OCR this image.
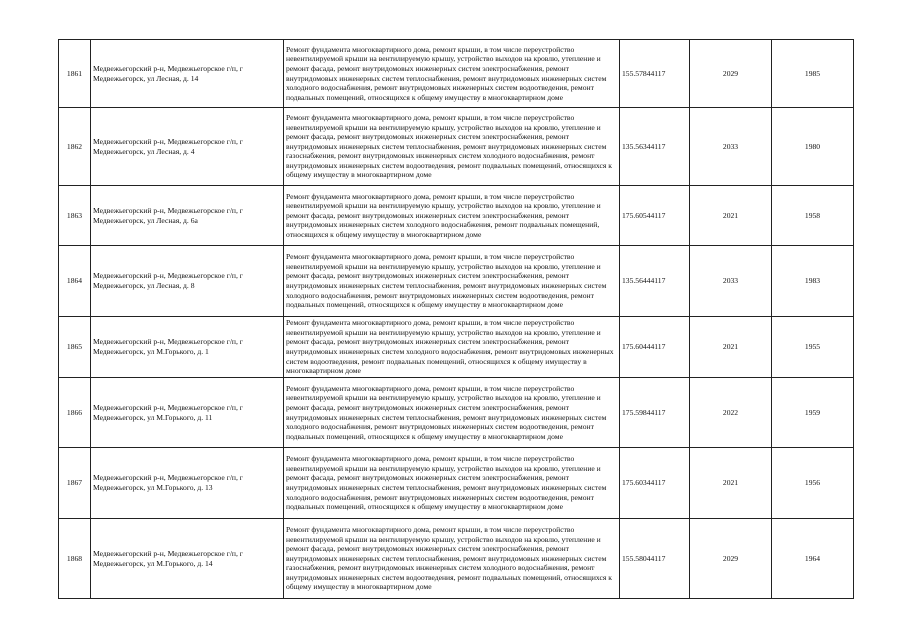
1861	Медвежьегорский р-н, Медвежьегорское г/п, г Медвежьегорск, ул Лесная, д. 14	Ремонт фундамента многоквартирного дома, ремонт крыши, в том числе переустройство невентилируемой крыши на вентилируемую крышу, устройство выходов на кровлю, утепление и ремонт фасада, ремонт внутридомовых инженерных систем электроснабжения, ремонт внутридомовых инженерных систем теплоснабжения, ремонт внутридомовых инженерных систем холодного водоснабжения, ремонт внутридомовых инженерных систем водоотведения, ремонт подвальных помещений, относящихся к общему имуществу в многоквартирном доме	155.57844117	2029	1985
1862	Медвежьегорский р-н, Медвежьегорское г/п, г Медвежьегорск, ул Лесная, д. 4	Ремонт фундамента многоквартирного дома, ремонт крыши, в том числе переустройство невентилируемой крыши на вентилируемую крышу, устройство выходов на кровлю, утепление и ремонт фасада, ремонт внутридомовых инженерных систем электроснабжения, ремонт внутридомовых инженерных систем теплоснабжения, ремонт внутридомовых инженерных систем газоснабжения, ремонт внутридомовых инженерных систем холодного водоснабжения, ремонт внутридомовых инженерных систем водоотведения, ремонт подвальных помещений, относящихся к общему имуществу в многоквартирном доме	135.56344117	2033	1980
1863	Медвежьегорский р-н, Медвежьегорское г/п, г Медвежьегорск, ул Лесная, д. 6а	Ремонт фундамента многоквартирного дома, ремонт крыши, в том числе переустройство невентилируемой крыши на вентилируемую крышу, устройство выходов на кровлю, утепление и ремонт фасада, ремонт внутридомовых инженерных систем электроснабжения, ремонт внутридомовых инженерных систем холодного водоснабжения, ремонт подвальных помещений, относящихся к общему имуществу в многоквартирном доме	175.60544117	2021	1958
1864	Медвежьегорский р-н, Медвежьегорское г/п, г Медвежьегорск, ул Лесная, д. 8	Ремонт фундамента многоквартирного дома, ремонт крыши, в том числе переустройство невентилируемой крыши на вентилируемую крышу, устройство выходов на кровлю, утепление и ремонт фасада, ремонт внутридомовых инженерных систем электроснабжения, ремонт внутридомовых инженерных систем теплоснабжения, ремонт внутридомовых инженерных систем холодного водоснабжения, ремонт внутридомовых инженерных систем водоотведения, ремонт подвальных помещений, относящихся к общему имуществу в многоквартирном доме	135.56444117	2033	1983
1865	Медвежьегорский р-н, Медвежьегорское г/п, г Медвежьегорск, ул М.Горького, д. 1	Ремонт фундамента многоквартирного дома, ремонт крыши, в том числе переустройство невентилируемой крыши на вентилируемую крышу, устройство выходов на кровлю, утепление и ремонт фасада, ремонт внутридомовых инженерных систем электроснабжения, ремонт внутридомовых инженерных систем холодного водоснабжения, ремонт внутридомовых инженерных систем водоотведения, ремонт подвальных помещений, относящихся к общему имуществу в многоквартирном доме	175.60444117	2021	1955
1866	Медвежьегорский р-н, Медвежьегорское г/п, г Медвежьегорск, ул М.Горького, д. 11	Ремонт фундамента многоквартирного дома, ремонт крыши, в том числе переустройство невентилируемой крыши на вентилируемую крышу, устройство выходов на кровлю, утепление и ремонт фасада, ремонт внутридомовых инженерных систем электроснабжения, ремонт внутридомовых инженерных систем теплоснабжения, ремонт внутридомовых инженерных систем холодного водоснабжения, ремонт внутридомовых инженерных систем водоотведения, ремонт подвальных помещений, относящихся к общему имуществу в многоквартирном доме	175.59844117	2022	1959
1867	Медвежьегорский р-н, Медвежьегорское г/п, г Медвежьегорск, ул М.Горького, д. 13	Ремонт фундамента многоквартирного дома, ремонт крыши, в том числе переустройство невентилируемой крыши на вентилируемую крышу, устройство выходов на кровлю, утепление и ремонт фасада, ремонт внутридомовых инженерных систем электроснабжения, ремонт внутридомовых инженерных систем теплоснабжения, ремонт внутридомовых инженерных систем холодного водоснабжения, ремонт внутридомовых инженерных систем водоотведения, ремонт подвальных помещений, относящихся к общему имуществу в многоквартирном доме	175.60344117	2021	1956
1868	Медвежьегорский р-н, Медвежьегорское г/п, г Медвежьегорск, ул М.Горького, д. 14	Ремонт фундамента многоквартирного дома, ремонт крыши, в том числе переустройство невентилируемой крыши на вентилируемую крышу, устройство выходов на кровлю, утепление и ремонт фасада, ремонт внутридомовых инженерных систем электроснабжения, ремонт внутридомовых инженерных систем теплоснабжения, ремонт внутридомовых инженерных систем газоснабжения, ремонт внутридомовых инженерных систем холодного водоснабжения, ремонт внутридомовых инженерных систем водоотведения, ремонт подвальных помещений, относящихся к общему имуществу в многоквартирном доме	155.58044117	2029	1964
